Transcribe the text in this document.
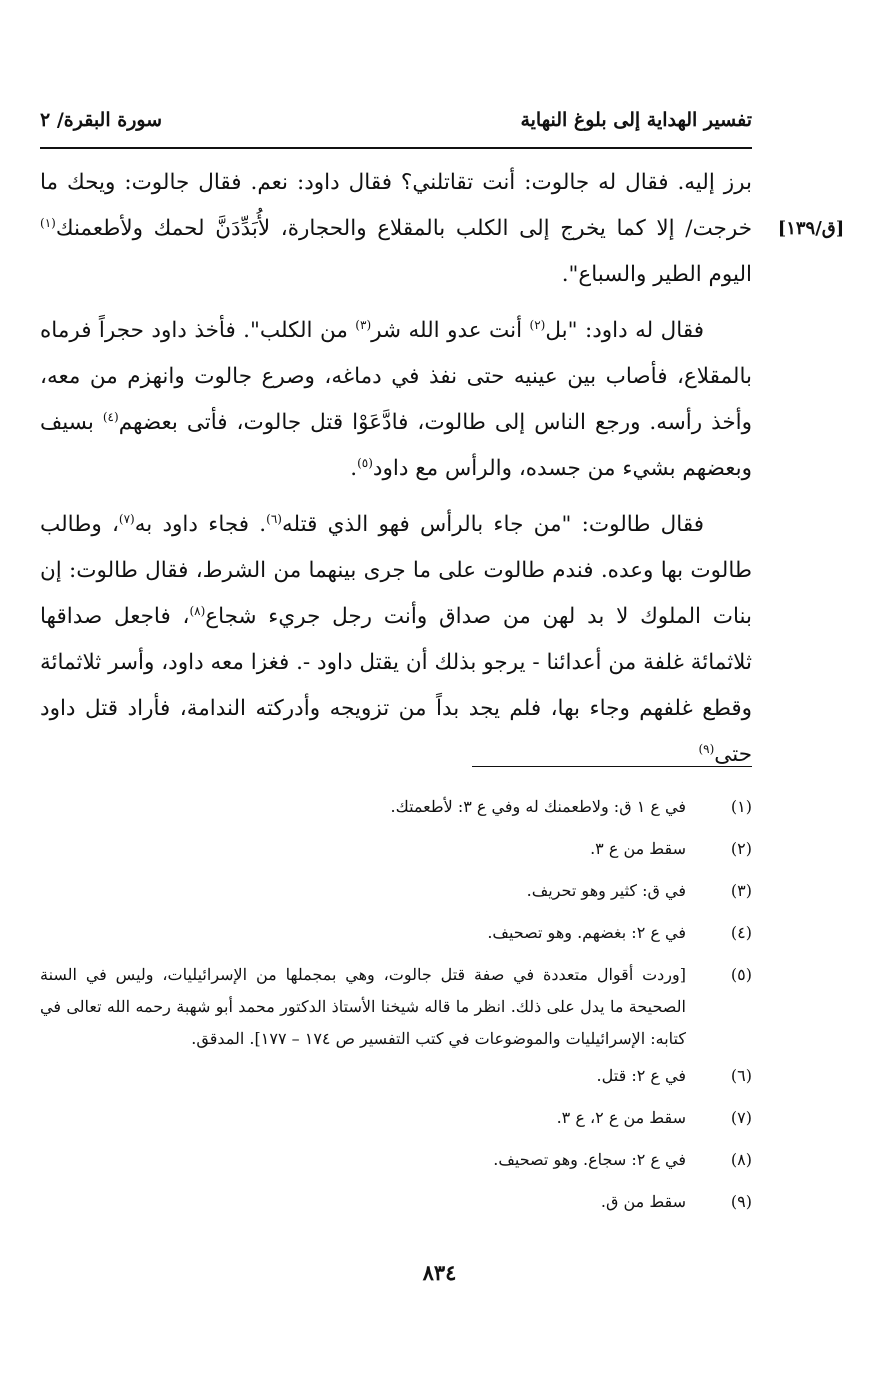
تفسير الهداية إلى بلوغ النهاية
سورة البقرة/ ٢
[ق/١٣٩]

برز إليه. فقال له جالوت: أنت تقاتلني؟ فقال داود: نعم. فقال جالوت: ويحك ما خرجت/ إلا كما يخرج إلى الكلب بالمقلاع والحجارة، لأُبَدِّدَنَّ لحمك ولأطعمنك$^{(١)}$ اليوم الطير والسباع".

فقال له داود: "بل$^{(٢)}$ أنت عدو الله شر$^{(٣)}$ من الكلب". فأخذ داود حجراً فرماه بالمقلاع، فأصاب بين عينيه حتى نفذ في دماغه، وصرع جالوت وانهزم من معه، وأخذ رأسه. ورجع الناس إلى طالوت، فادَّعَوْا قتل جالوت، فأتى بعضهم$^{(٤)}$ بسيف وبعضهم بشيء من جسده، والرأس مع داود$^{(٥)}$.

فقال طالوت: "من جاء بالرأس فهو الذي قتله$^{(٦)}$. فجاء داود به$^{(٧)}$، وطالب طالوت بها وعده. فندم طالوت على ما جرى بينهما من الشرط، فقال طالوت: إن بنات الملوك لا بد لهن من صداق وأنت رجل جريء شجاع$^{(٨)}$، فاجعل صداقها ثلاثمائة غلفة من أعدائنا - يرجو بذلك أن يقتل داود -. فغزا معه داود، وأسر ثلاثمائة وقطع غلفهم وجاء بها، فلم يجد بداً من تزويجه وأدركته الندامة، فأراد قتل داود حتى$^{(٩)}$

(١)
في ع ١ ق: ولاطعمنك له وفي ع ٣: لأطعمتك.
(٢)
سقط من ع ٣.
(٣)
في ق: كثير وهو تحريف.
(٤)
في ع ٢: بغضهم. وهو تصحيف.
(٥)
[وردت أقوال متعددة في صفة قتل جالوت، وهي بمجملها من الإسرائيليات، وليس في السنة الصحيحة ما يدل على ذلك. انظر ما قاله شيخنا الأستاذ الدكتور محمد أبو شهبة رحمه الله تعالى في كتابه: الإسرائيليات والموضوعات في كتب التفسير ص ١٧٤ – ١٧٧]. المدقق.
(٦)
في ع ٢: قتل.
(٧)
سقط من ع ٢، ع ٣.
(٨)
في ع ٢: سجاع. وهو تصحيف.
(٩)
سقط من ق.
٨٣٤
